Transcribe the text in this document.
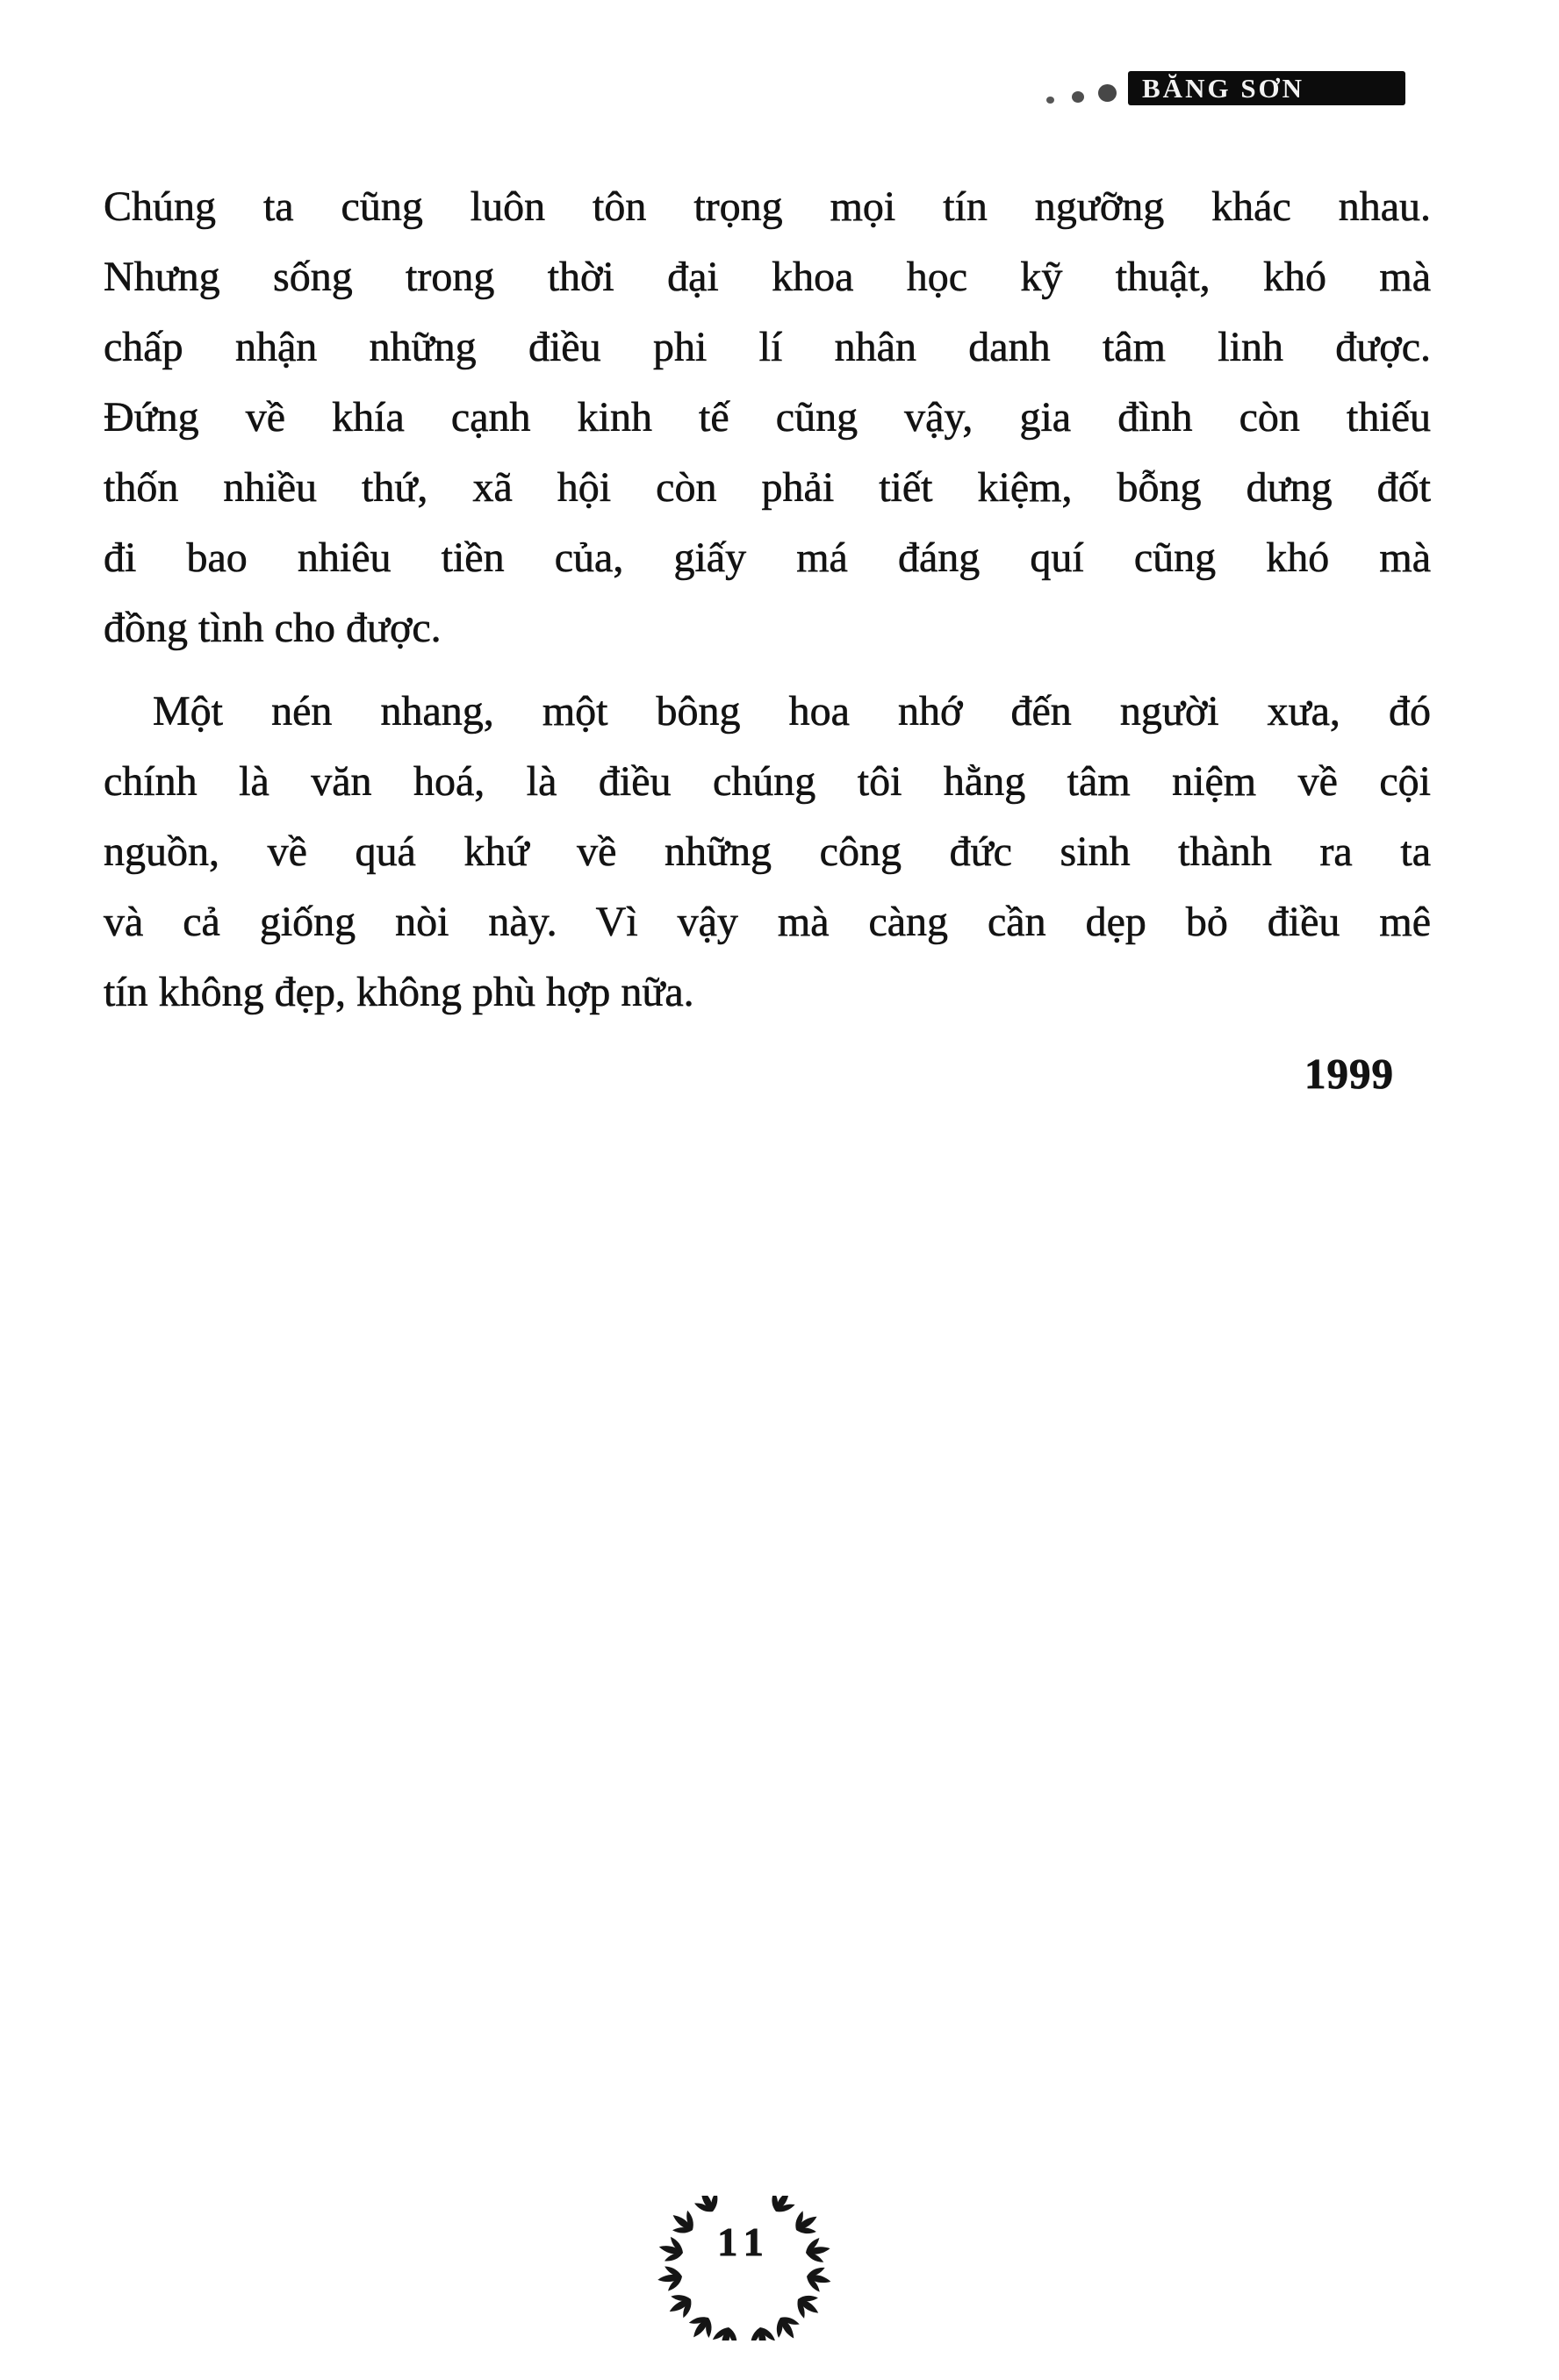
BĂNG SƠN
Chúng ta cũng luôn tôn trọng mọi tín ngưỡng khác nhau.
Nhưng sống trong thời đại khoa học kỹ thuật, khó mà
chấp nhận những điều phi lí nhân danh tâm linh được.
Đứng về khía cạnh kinh tế cũng vậy, gia đình còn thiếu
thốn nhiều thứ, xã hội còn phải tiết kiệm, bỗng dưng đốt
đi bao nhiêu tiền của, giấy má đáng quí cũng khó mà
đồng tình cho được.
Một nén nhang, một bông hoa nhớ đến người xưa, đó
chính là văn hoá, là điều chúng tôi hằng tâm niệm về cội
nguồn, về quá khứ về những công đức sinh thành ra ta
và cả giống nòi này. Vì vậy mà càng cần dẹp bỏ điều mê
tín không đẹp, không phù hợp nữa.
1999
11
